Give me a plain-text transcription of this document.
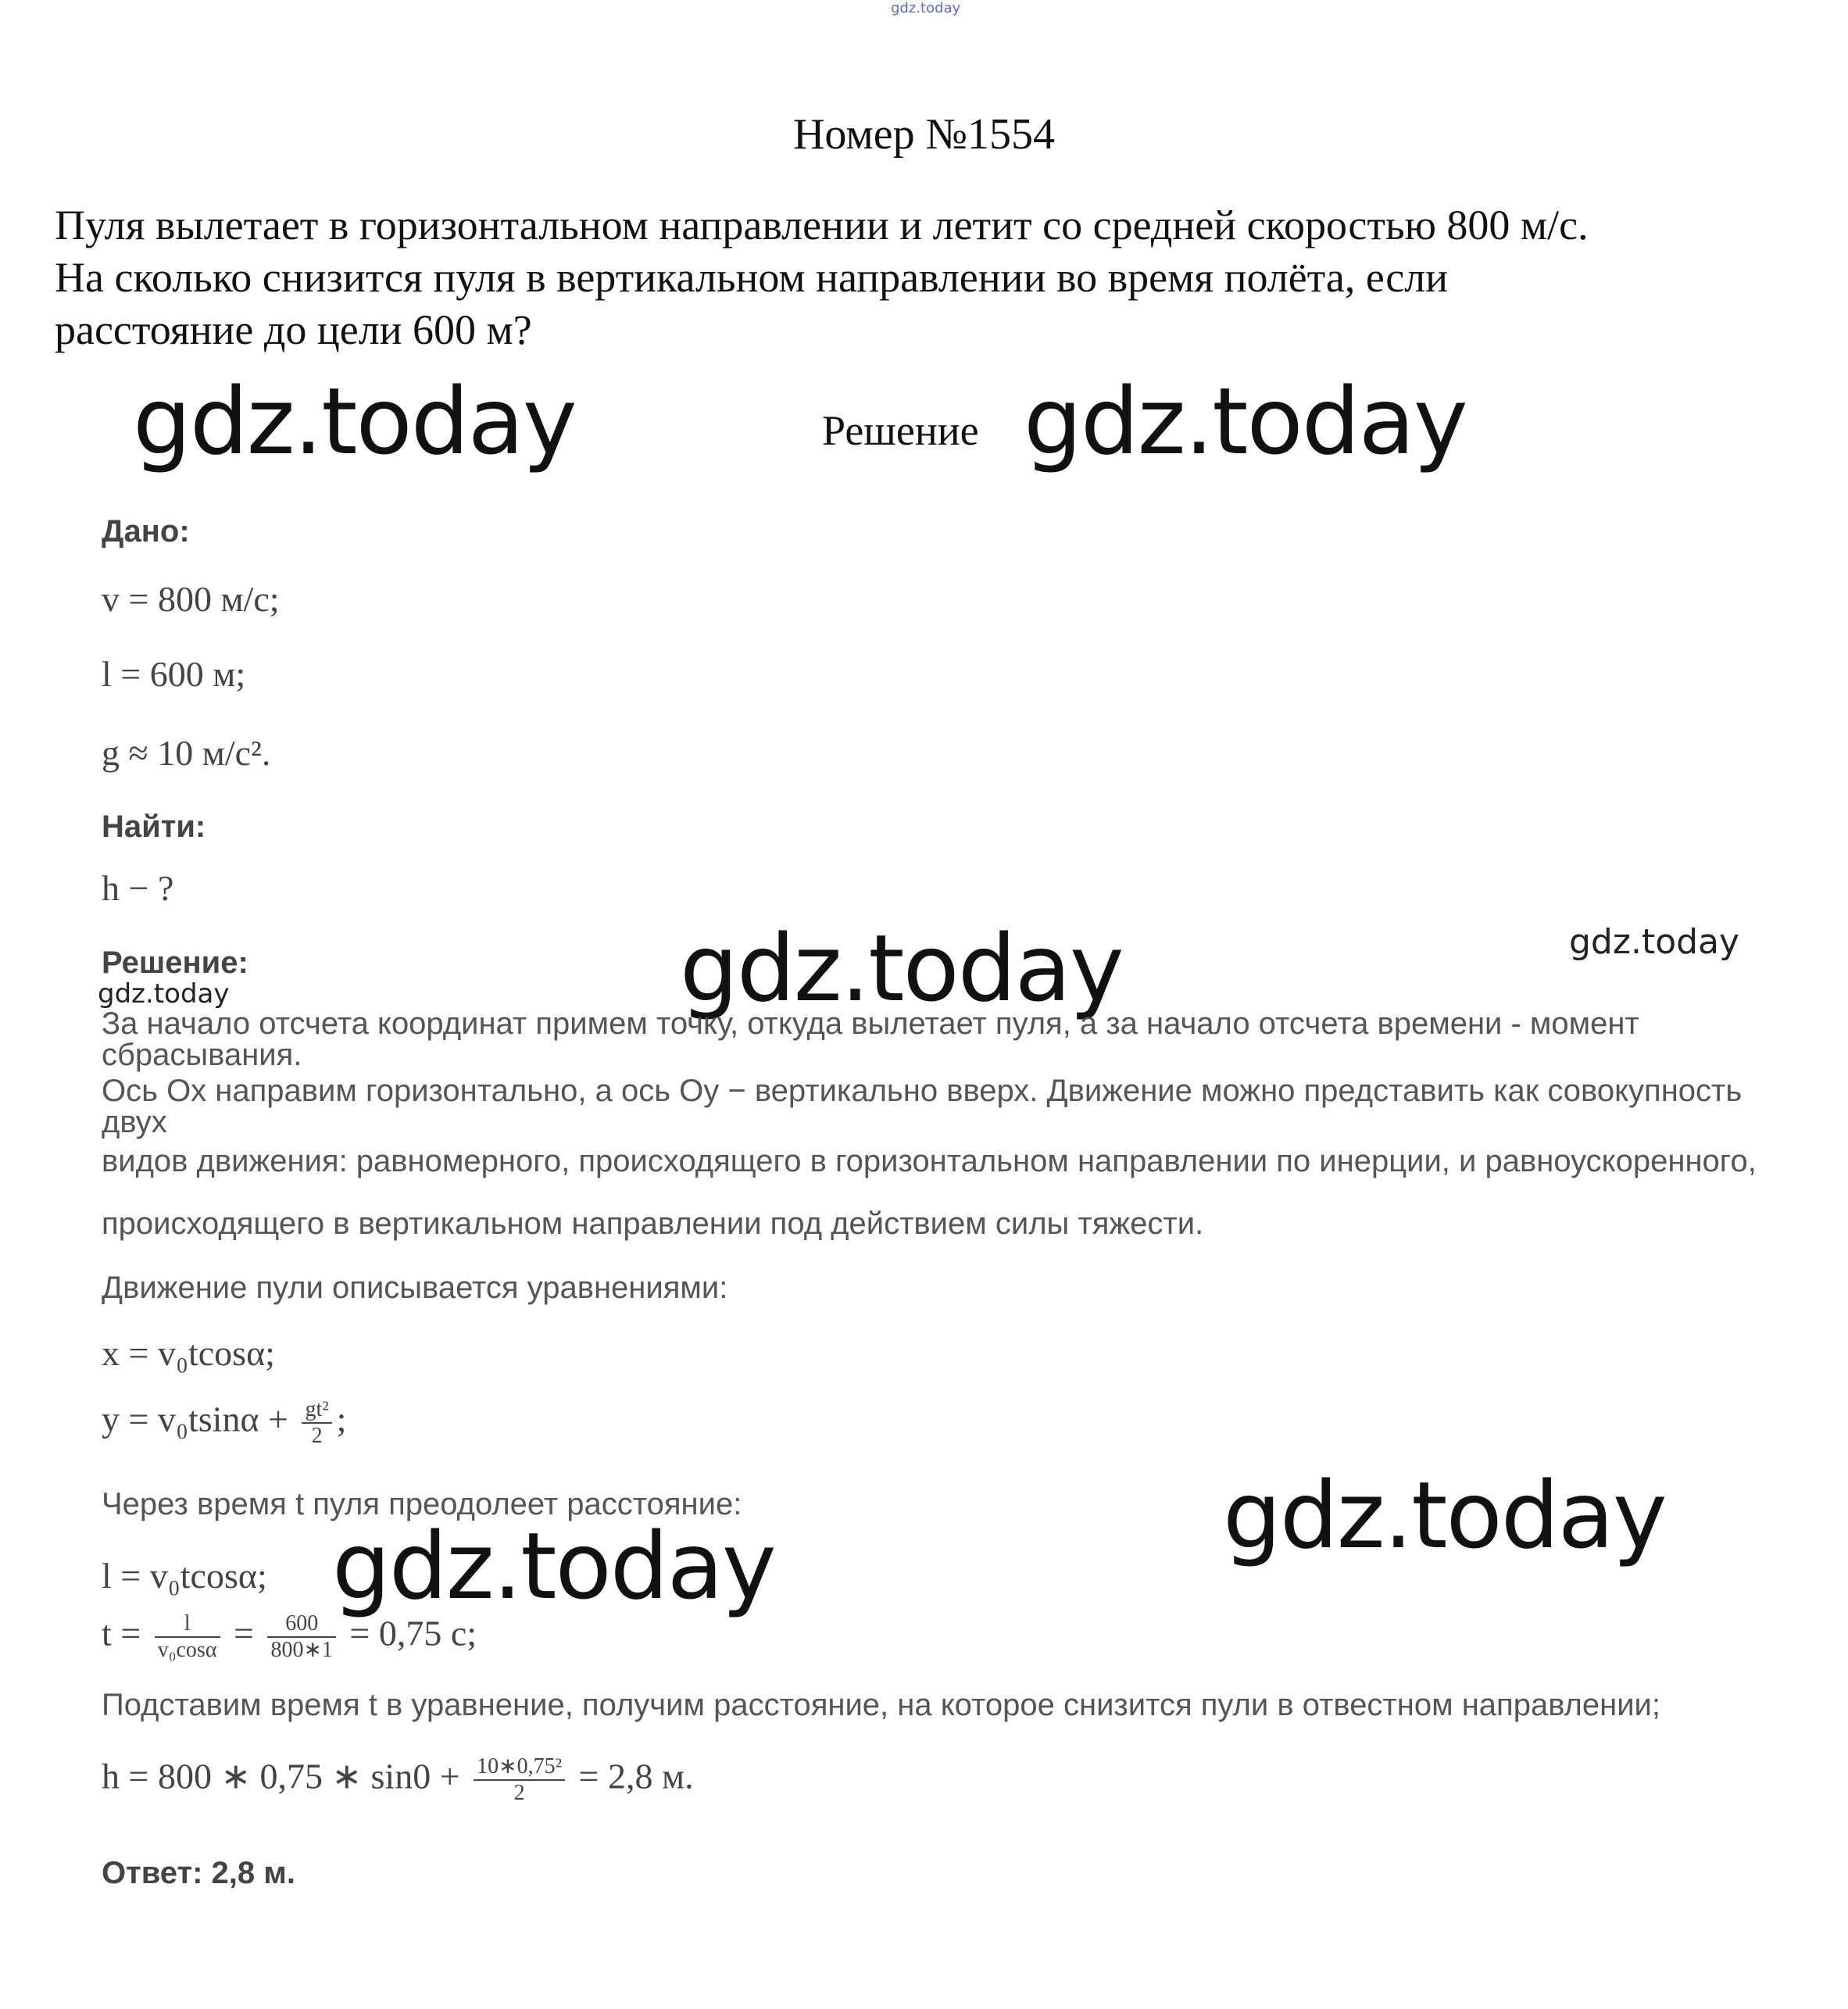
gdz.today
Номер №1554
Пуля вылетает в горизонтальном направлении и летит со средней скоростью 800 м/с.
На сколько снизится пуля в вертикальном направлении во время полёта, если
расстояние до цели 600 м?
gdz.today	Решение gdz.today
gdz.today
gdz.today
gdz.today
gdz.today
gdz.today
Дано:
v = 800 м/с;
l = 600 м;
g ≈ 10 м/с².
Найти:
h − ?
Решение:
За начало отсчета координат примем точку, откуда вылетает пуля, а за начало отсчета времени - момент сбрасывания.
Ось Ox направим горизонтально, а ось Oy − вертикально вверх. Движение можно представить как совокупность двух
видов движения: равномерного, происходящего в горизонтальном направлении по инерции, и равноускоренного,
происходящего в вертикальном направлении под действием силы тяжести.
Движение пули описывается уравнениями:
x = v₀tcosα;
$y = v_0tsin\alpha + \frac{\text{gt²}}{2}$ ;
Через время t пуля преодолеет расстояние:
l = v₀tcosα;
$t = \frac{l}{\text{v₀cosα}} = \frac{600}{800∗1} = 0,75$ с;
Подставим время t в уравнение, получим расстояние, на которое снизится пули в отвестном направлении;
h = 800 ∗ 0,75 ∗ $\sin 0 + \frac{\text{10∗0,75²}}{2} = 2,8$ м.
Ответ: 2,8 м.
